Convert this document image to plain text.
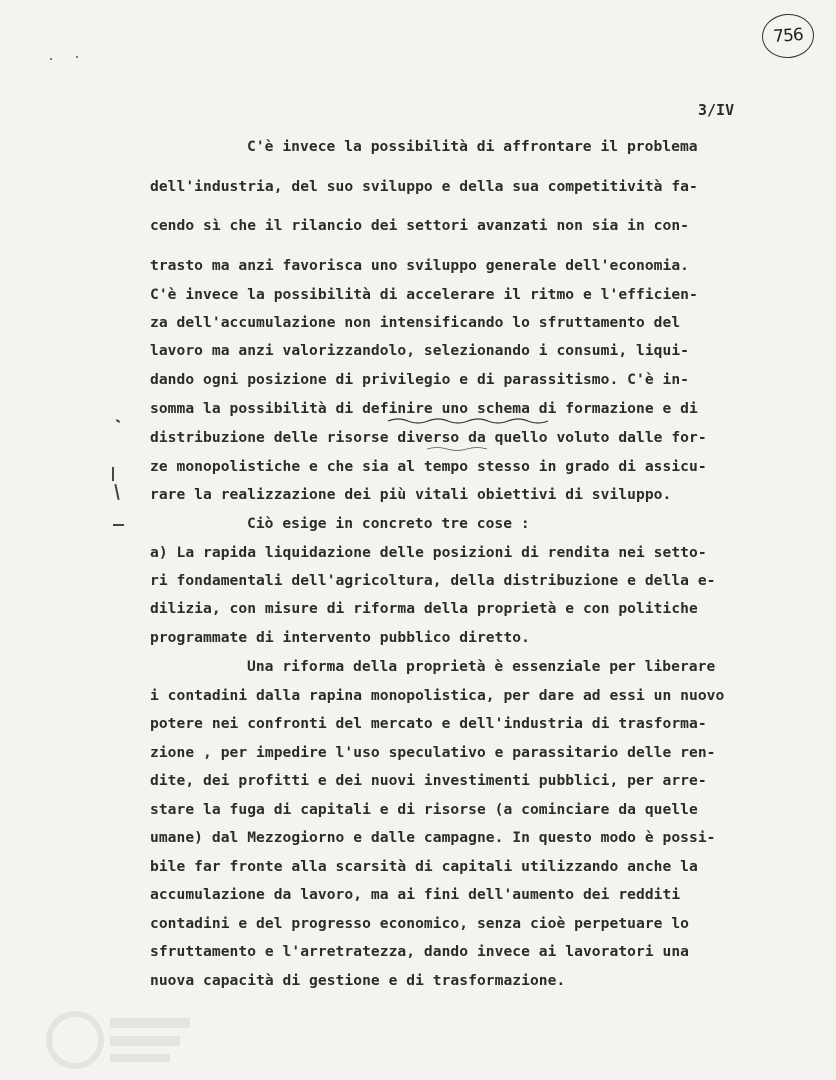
756
3/IV
C'è invece la possibilità di affrontare il problema
dell'industria, del suo sviluppo e della sua competitività fa-
cendo sì che il rilancio dei settori avanzati non sia in con-
trasto ma anzi favorisca uno sviluppo generale dell'economia.
C'è invece la possibilità di accelerare il ritmo e l'efficien-
za dell'accumulazione non intensificando lo sfruttamento del
lavoro ma anzi valorizzandolo, selezionando i consumi, liqui-
dando ogni posizione di privilegio e di parassitismo. C'è in-
somma la possibilità di definire uno schema di formazione e di
distribuzione delle risorse diverso da quello voluto dalle for-
ze monopolistiche e che sia al tempo stesso in grado di assicu-
rare la realizzazione dei più vitali obiettivi di sviluppo.
Ciò esige in concreto tre cose :
a) La rapida liquidazione delle posizioni di rendita nei setto-
ri fondamentali dell'agricoltura, della distribuzione e della e-
dilizia, con misure di riforma della proprietà e con politiche
programmate di intervento pubblico diretto.
Una riforma della proprietà è essenziale per liberare
i contadini dalla rapina monopolistica, per dare ad essi un nuovo
potere nei confronti del mercato e dell'industria di trasforma-
zione , per impedire l'uso speculativo e parassitario delle ren-
dite, dei profitti e dei nuovi investimenti pubblici, per arre-
stare la fuga di capitali e di risorse (a cominciare da quelle
umane) dal Mezzogiorno e dalle campagne. In questo modo è possi-
bile far fronte alla scarsità di capitali utilizzando anche la
accumulazione da lavoro, ma ai fini dell'aumento dei redditi
contadini e del progresso economico, senza cioè perpetuare lo
sfruttamento e l'arretratezza, dando invece ai lavoratori una
nuova capacità di gestione e di trasformazione.
